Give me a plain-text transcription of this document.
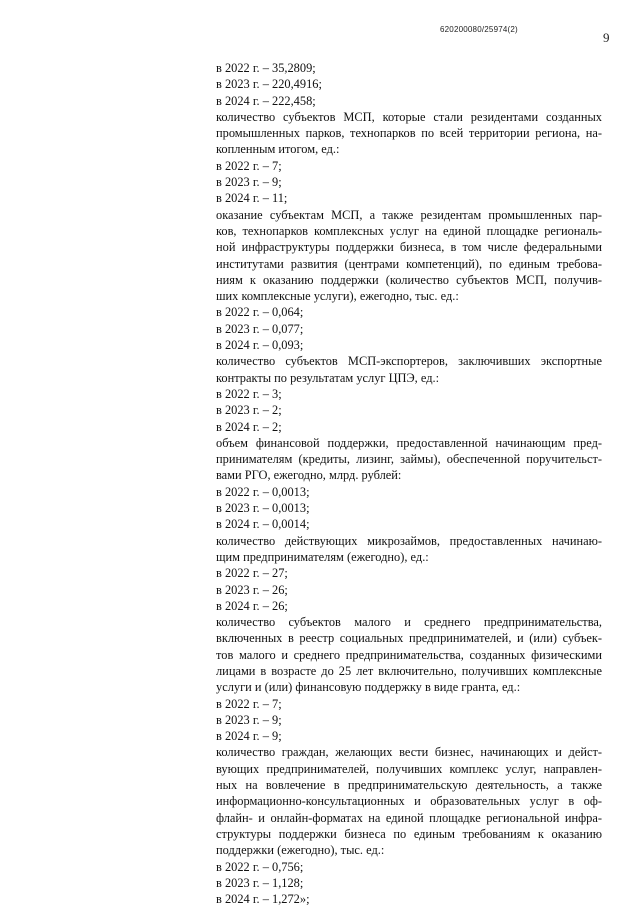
620200080/25974(2)
9
в 2022 г. – 35,2809;
в 2023 г. – 220,4916;
в 2024 г. – 222,458;
количество субъектов МСП, которые стали резидентами созданных
промышленных парков, технопарков по всей территории региона, на-
копленным итогом, ед.:
в 2022 г. – 7;
в 2023 г. – 9;
в 2024 г. – 11;
оказание субъектам МСП, а также резидентам промышленных пар-
ков, технопарков комплексных услуг на единой площадке региональ-
ной инфраструктуры поддержки бизнеса, в том числе федеральными
институтами развития (центрами компетенций), по единым требова-
ниям к оказанию поддержки (количество субъектов МСП, получив-
ших комплексные услуги), ежегодно, тыс. ед.:
в 2022 г. – 0,064;
в 2023 г. – 0,077;
в 2024 г. – 0,093;
количество субъектов МСП-экспортеров, заключивших экспортные
контракты по результатам услуг ЦПЭ, ед.:
в 2022 г. – 3;
в 2023 г. – 2;
в 2024 г. – 2;
объем финансовой поддержки, предоставленной начинающим пред-
принимателям (кредиты, лизинг, займы), обеспеченной поручительст-
вами РГО, ежегодно, млрд. рублей:
в 2022 г. – 0,0013;
в 2023 г. – 0,0013;
в 2024 г. – 0,0014;
количество действующих микрозаймов, предоставленных начинаю-
щим предпринимателям (ежегодно), ед.:
в 2022 г. – 27;
в 2023 г. – 26;
в 2024 г. – 26;
количество субъектов малого и среднего предпринимательства,
включенных в реестр социальных предпринимателей, и (или) субъек-
тов малого и среднего предпринимательства, созданных физическими
лицами в возрасте до 25 лет включительно, получивших комплексные
услуги и (или) финансовую поддержку в виде гранта, ед.:
в 2022 г. – 7;
в 2023 г. – 9;
в 2024 г. – 9;
количество граждан, желающих вести бизнес, начинающих и дейст-
вующих предпринимателей, получивших комплекс услуг, направлен-
ных на вовлечение в предпринимательскую деятельность, а также
информационно-консультационных и образовательных услуг в оф-
флайн- и онлайн-форматах на единой площадке региональной инфра-
структуры поддержки бизнеса по единым требованиям к оказанию
поддержки (ежегодно), тыс. ед.:
в 2022 г. – 0,756;
в 2023 г. – 1,128;
в 2024 г. – 1,272»;
